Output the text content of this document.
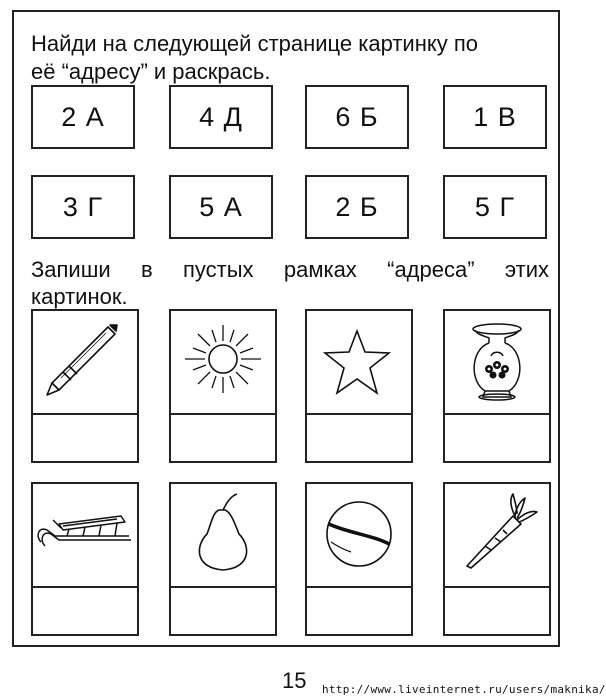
Найди на следующей странице картинку по
её “адресу” и раскрась.
2 А	4 Д	6 Б	1 В
3 Г	5 А	2 Б	5 Г
Запиши в пустых рамках “адреса” этих
картинок.
15 http://www.liveinternet.ru/users/maknika/
